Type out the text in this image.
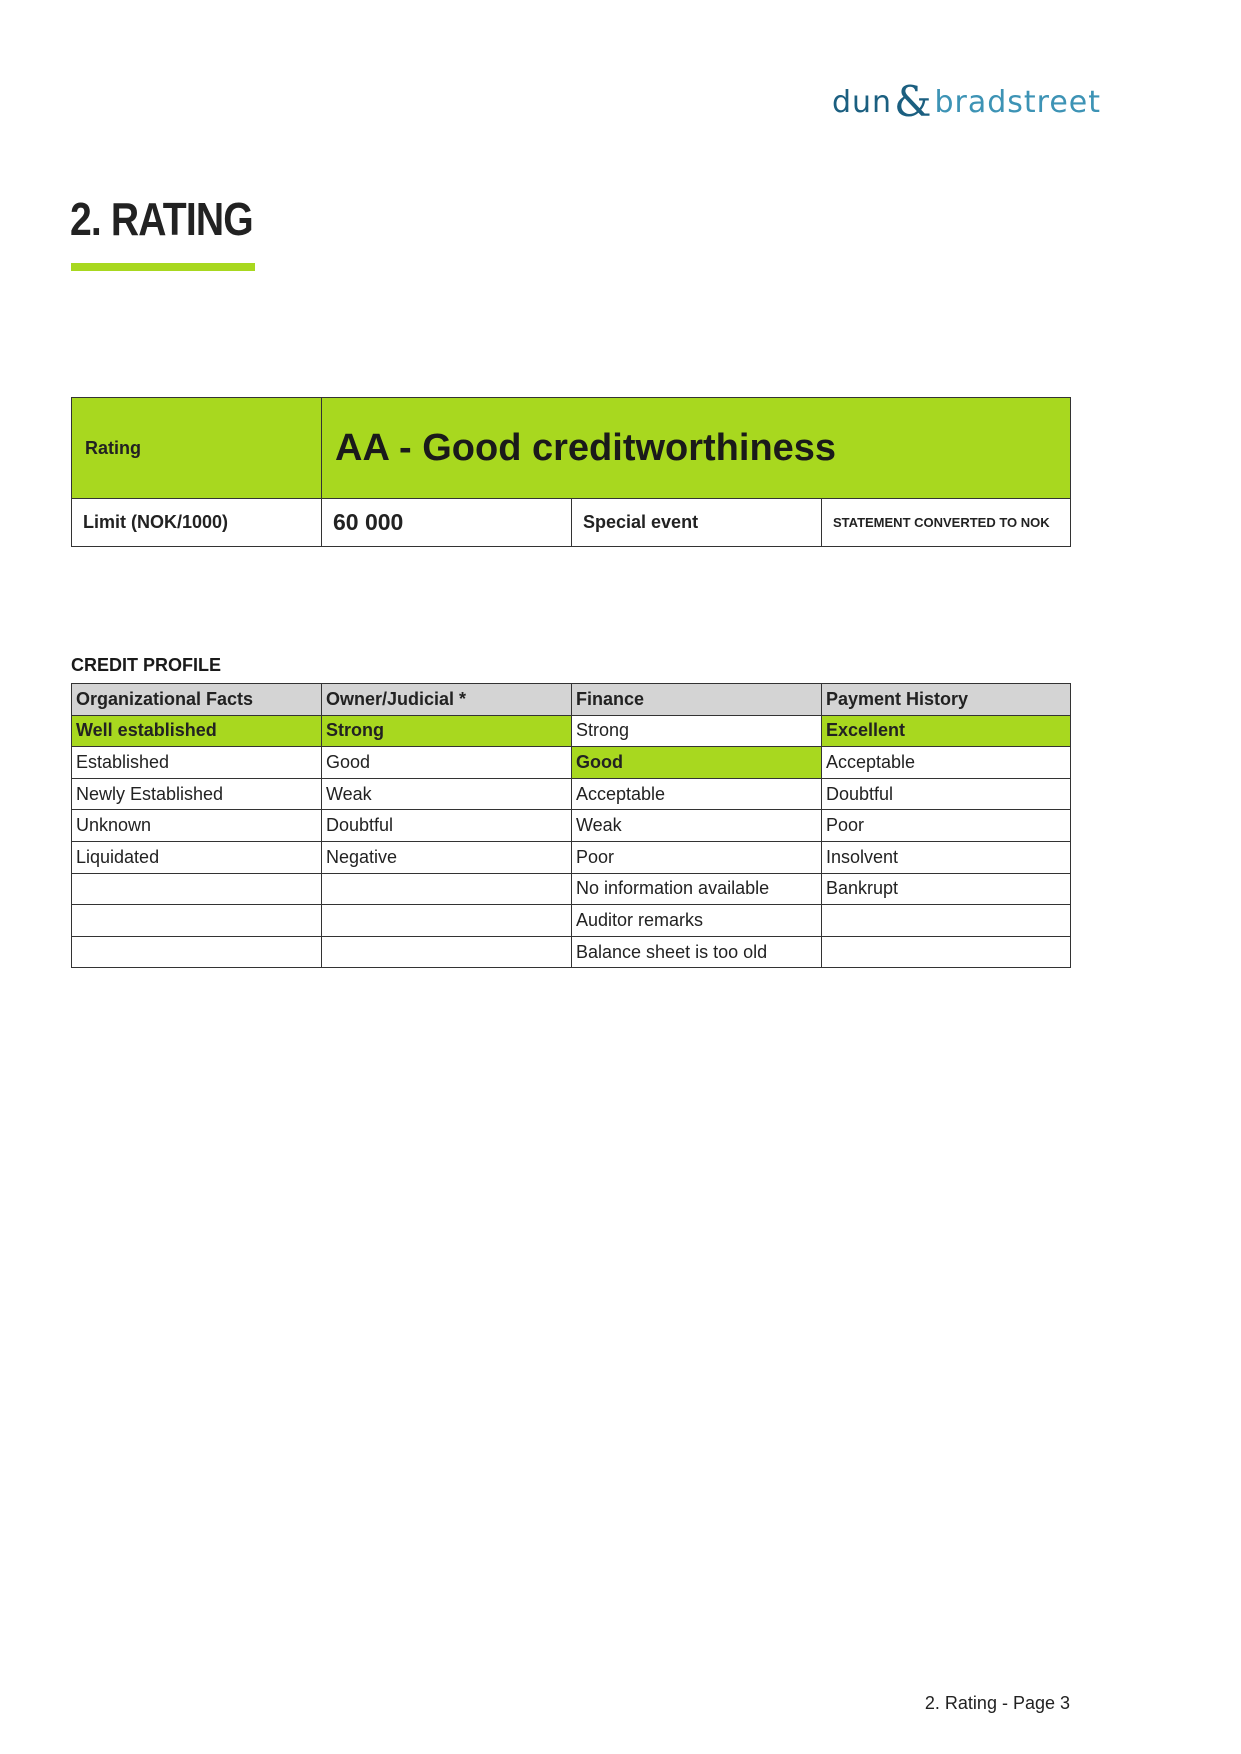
dun & bradstreet
2. RATING
Rating	AA - Good creditworthiness		
Limit (NOK/1000)	60 000	Special event	STATEMENT CONVERTED TO NOK
CREDIT PROFILE
Organizational Facts	Owner/Judicial *	Finance	Payment History
Well established	Strong	Strong	Excellent
Established	Good	Good	Acceptable
Newly Established	Weak	Acceptable	Doubtful
Unknown	Doubtful	Weak	Poor
Liquidated	Negative	Poor	Insolvent
		No information available	Bankrupt
		Auditor remarks	
		Balance sheet is too old	
2. Rating - Page 3
